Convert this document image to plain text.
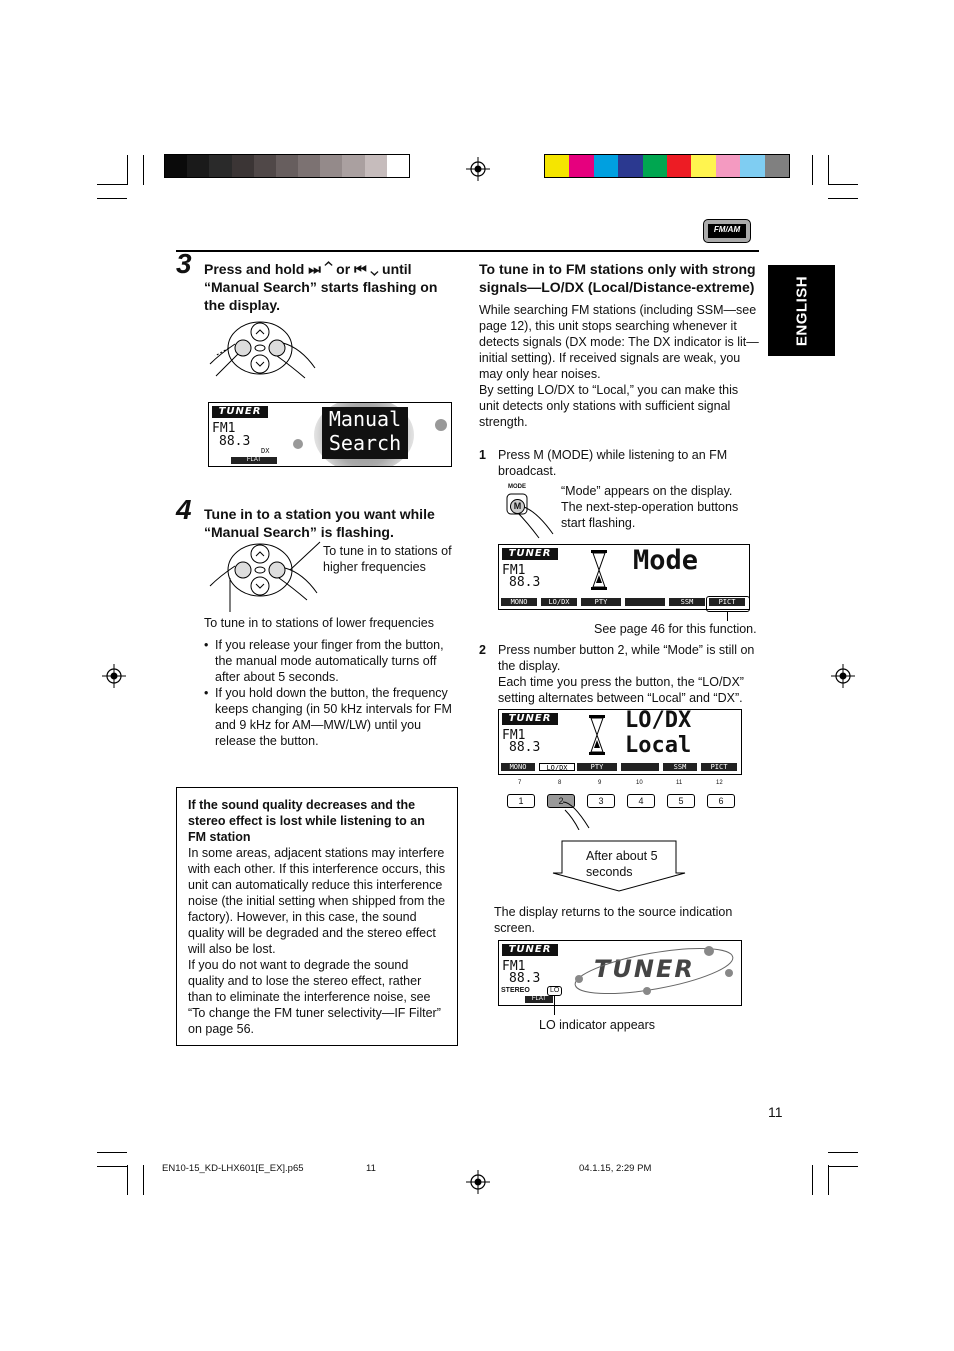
FM/AM
ENGLISH
3 Press and hold ⏭ ⌃ or ⏮ ⌄ until “Manual Search” starts flashing on the display.
TUNER
FM1
88.3
DX
FLAT
Manual
Search
4 Tune in to a station you want while “Manual Search” is flashing.
To tune in to stations of higher frequencies
To tune in to stations of lower frequencies
• If you release your finger from the button, the manual mode automatically turns off after about 5 seconds.
• If you hold down the button, the frequency keeps changing (in 50 kHz intervals for FM and 9 kHz for AM—MW/LW) until you release the button.
If the sound quality decreases and the stereo effect is lost while listening to an FM station
In some areas, adjacent stations may interfere with each other. If this interference occurs, this unit can automatically reduce this interference noise (the initial setting when shipped from the factory). However, in this case, the sound quality will be degraded and the stereo effect will also be lost.
If you do not want to degrade the sound quality and to lose the stereo effect, rather than to eliminate the interference noise, see “To change the FM tuner selectivity—IF Filter” on page 56.
To tune in to FM stations only with strong signals—LO/DX (Local/Distance-extreme)
While searching FM stations (including SSM—see page 12), this unit stops searching whenever it detects signals (DX mode: The DX indicator is lit—initial setting). If received signals are weak, you may only hear noises.
By setting LO/DX to “Local,” you can make this unit detects only stations with sufficient signal strength.
1 Press M (MODE) while listening to an FM broadcast.
MODE
M
“Mode” appears on the display. The next-step-operation buttons start flashing.
TUNER
FM1
88.3
Mode
MONO	LO/DX	PTY	SSM	PICT
See page 46 for this function.
2 Press number button 2, while “Mode” is still on the display.
Each time you press the button, the “LO/DX” setting alternates between “Local” and “DX”.
TUNER
FM1
88.3
LO/DX
Local
MONO	LO/DX	PTY	SSM	PICT
7	8	9	10	11	12
1	2	3	4	5	6
After about 5 seconds
The display returns to the source indication screen.
TUNER
FM1
88.3
STEREO	LO
FLAT
TUNER
LO indicator appears
11
EN10-15_KD-LHX601[E_EX].p65	11	04.1.15, 2:29 PM
